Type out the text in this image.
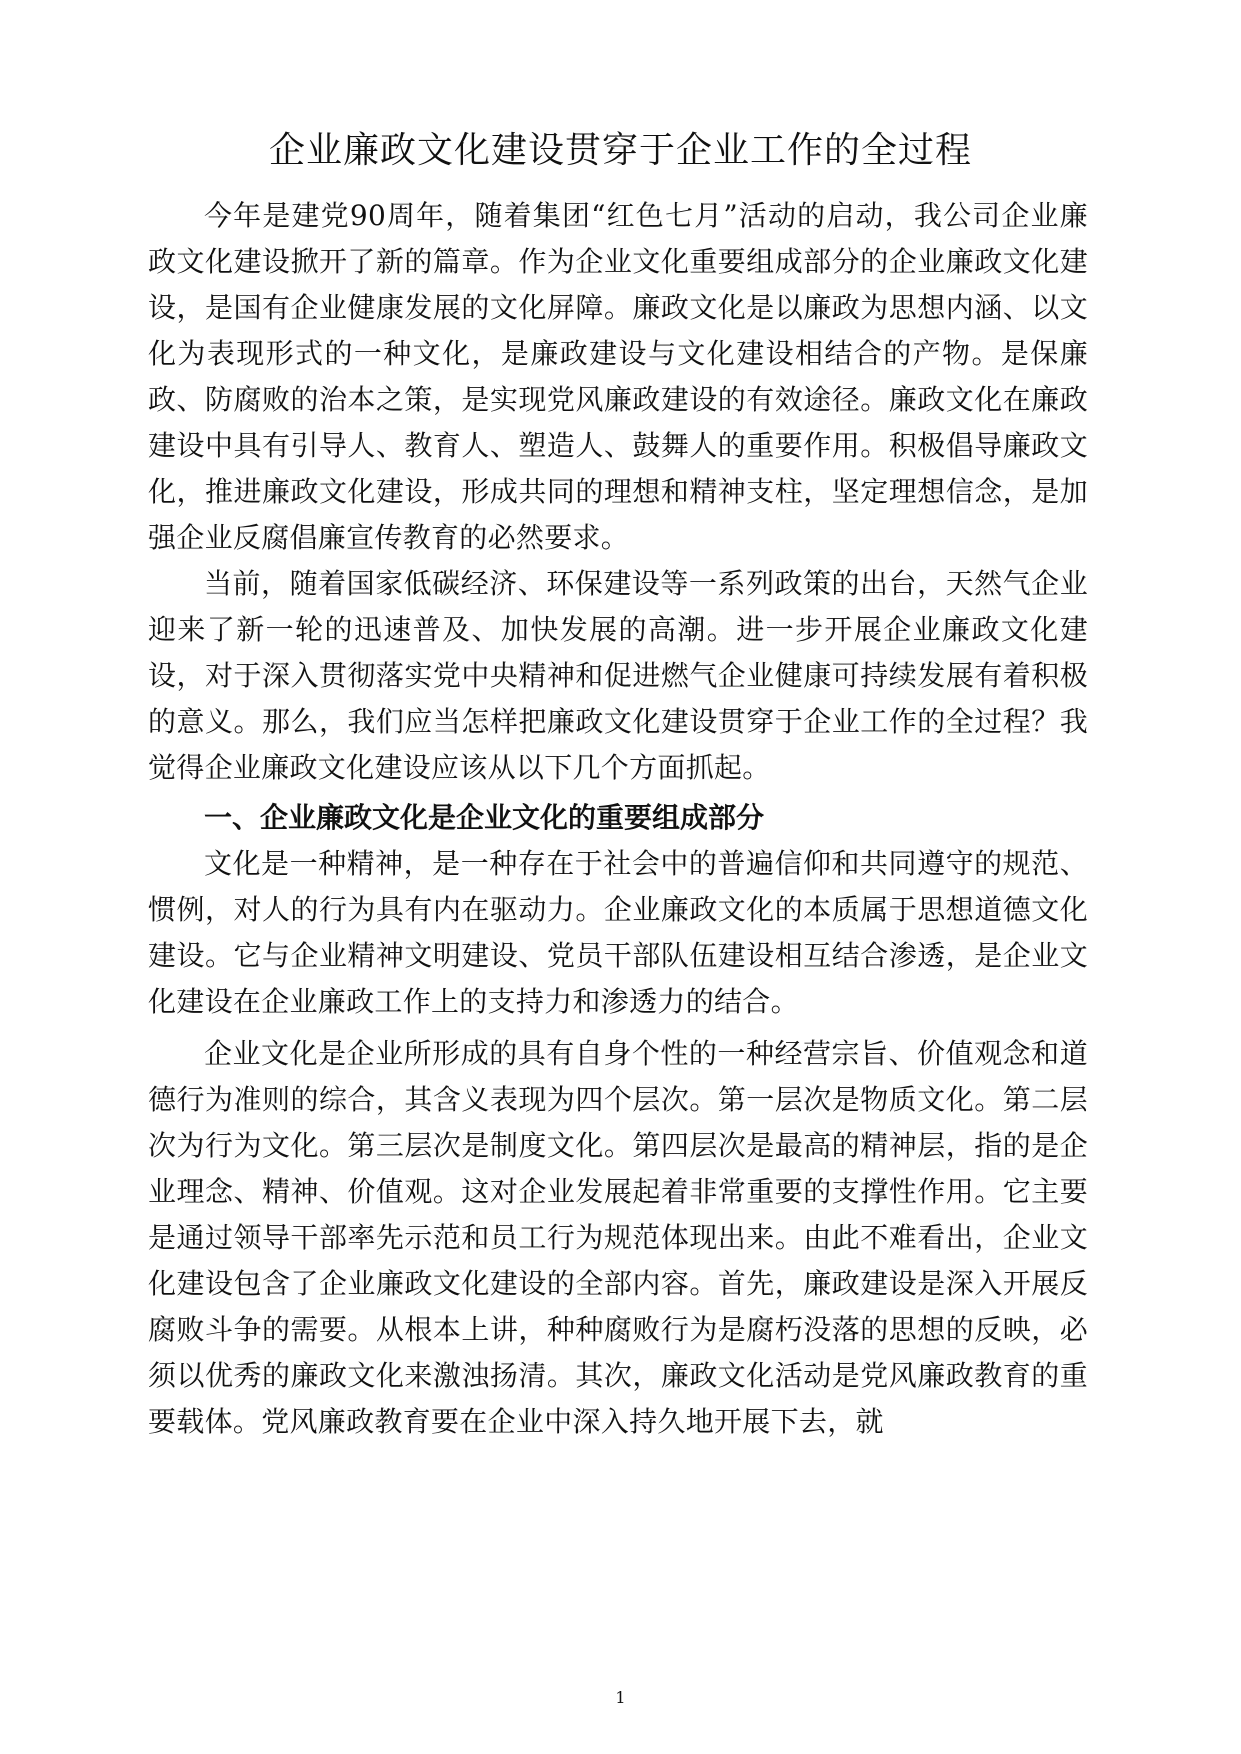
企业廉政文化建设贯穿于企业工作的全过程

今年是建党90周年，随着集团“红色七月”活动的启动，我公司企业廉政文化建设掀开了新的篇章。作为企业文化重要组成部分的企业廉政文化建设，是国有企业健康发展的文化屏障。廉政文化是以廉政为思想内涵、以文化为表现形式的一种文化，是廉政建设与文化建设相结合的产物。是保廉政、防腐败的治本之策，是实现党风廉政建设的有效途径。廉政文化在廉政建设中具有引导人、教育人、塑造人、鼓舞人的重要作用。积极倡导廉政文化，推进廉政文化建设，形成共同的理想和精神支柱，坚定理想信念，是加强企业反腐倡廉宣传教育的必然要求。

当前，随着国家低碳经济、环保建设等一系列政策的出台，天然气企业迎来了新一轮的迅速普及、加快发展的高潮。进一步开展企业廉政文化建设，对于深入贯彻落实党中央精神和促进燃气企业健康可持续发展有着积极的意义。那么，我们应当怎样把廉政文化建设贯穿于企业工作的全过程？我觉得企业廉政文化建设应该从以下几个方面抓起。

一、企业廉政文化是企业文化的重要组成部分

文化是一种精神，是一种存在于社会中的普遍信仰和共同遵守的规范、惯例，对人的行为具有内在驱动力。企业廉政文化的本质属于思想道德文化建设。它与企业精神文明建设、党员干部队伍建设相互结合渗透，是企业文化建设在企业廉政工作上的支持力和渗透力的结合。

企业文化是企业所形成的具有自身个性的一种经营宗旨、价值观念和道德行为准则的综合，其含义表现为四个层次。第一层次是物质文化。第二层次为行为文化。第三层次是制度文化。第四层次是最高的精神层，指的是企业理念、精神、价值观。这对企业发展起着非常重要的支撑性作用。它主要是通过领导干部率先示范和员工行为规范体现出来。由此不难看出，企业文化建设包含了企业廉政文化建设的全部内容。首先，廉政建设是深入开展反腐败斗争的需要。从根本上讲，种种腐败行为是腐朽没落的思想的反映，必须以优秀的廉政文化来激浊扬清。其次，廉政文化活动是党风廉政教育的重要载体。党风廉政教育要在企业中深入持久地开展下去，就

1
